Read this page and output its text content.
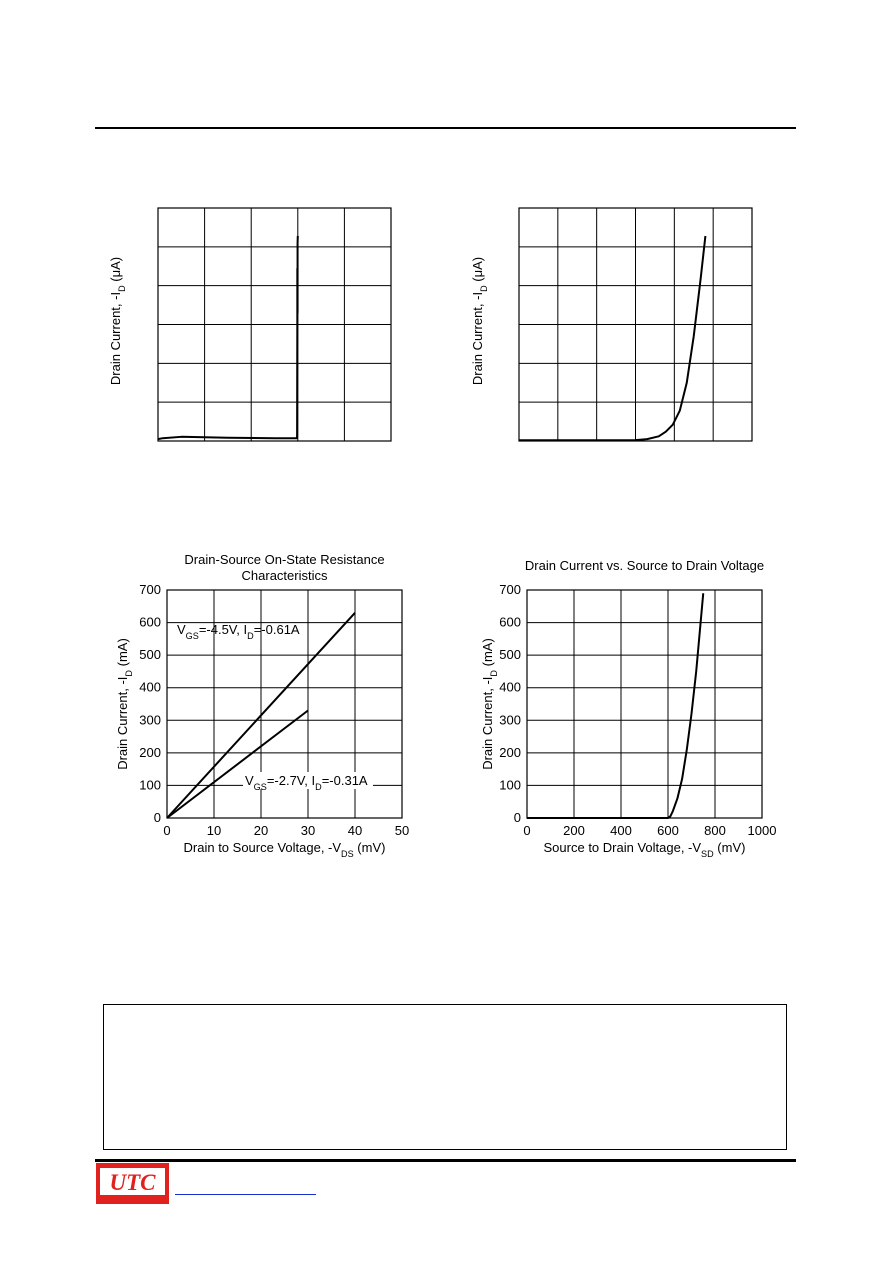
Drain Current, $-I_D$ (μA)
Drain Current, $-I_D$ (μA)
0	10	20	30	40	50
0
100
200
300
400
500
600
700
Drain Current, $-I_D$ (mA)
Drain to Source Voltage, $-V_{DS}$ (mV)
Drain-Source On-State Resistance
Characteristics
$V_{GS}=-4.5V$, $I_D=-0.61A$
$V_{GS}=-2.7V$, $I_D=-0.31A$
0	200 400 600 800 1000
0
100
200
300
400
500
600
700
Drain Current, $-I_D$ (mA)
Source to Drain Voltage, $-V_{SD}$ (mV)
Drain Current vs. Source to Drain Voltage
UTC
